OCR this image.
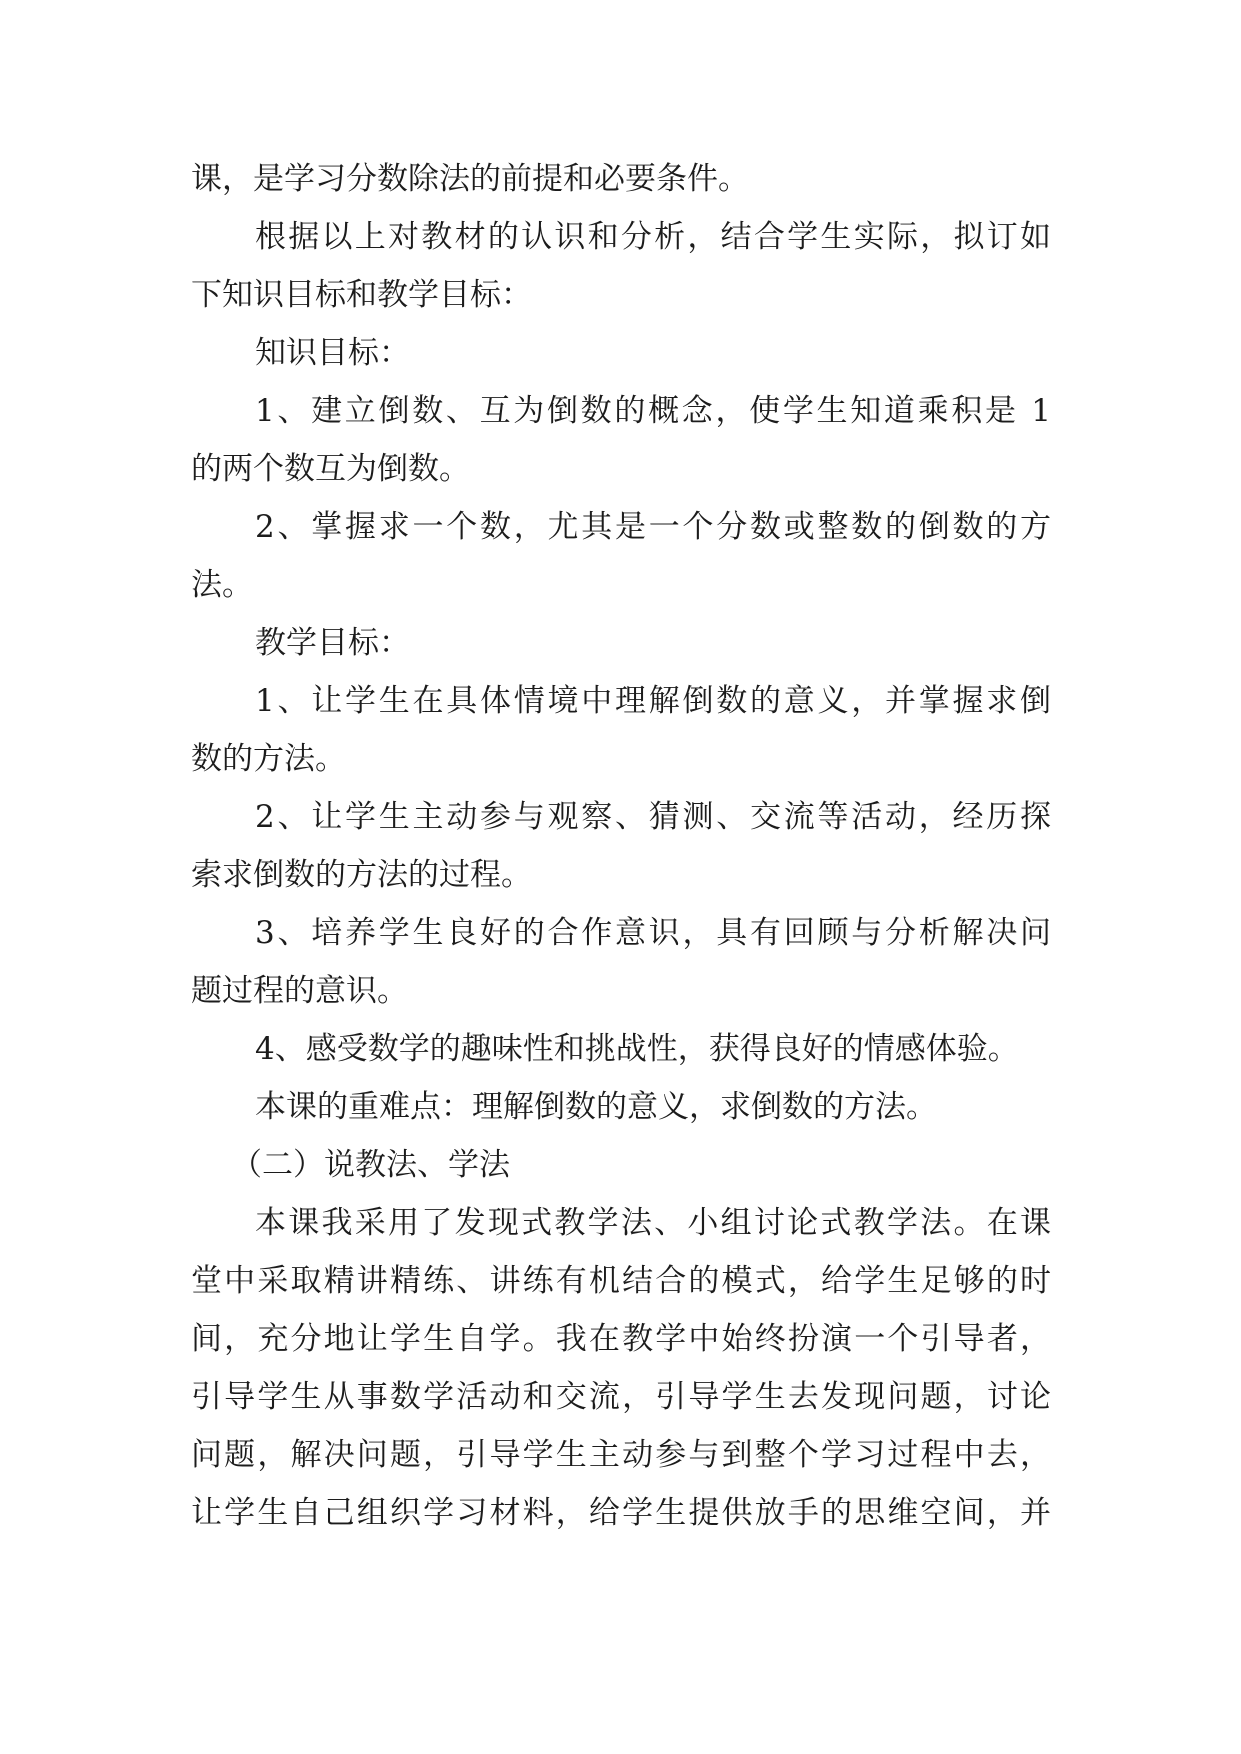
课，是学习分数除法的前提和必要条件。
根据以上对教材的认识和分析，结合学生实际，拟订如
下知识目标和教学目标：
知识目标：
1、建立倒数、互为倒数的概念，使学生知道乘积是 1
的两个数互为倒数。
2、掌握求一个数，尤其是一个分数或整数的倒数的方
法。
教学目标：
1、让学生在具体情境中理解倒数的意义，并掌握求倒
数的方法。
2、让学生主动参与观察、猜测、交流等活动，经历探
索求倒数的方法的过程。
3、培养学生良好的合作意识，具有回顾与分析解决问
题过程的意识。
4、感受数学的趣味性和挑战性，获得良好的情感体验。
本课的重难点：理解倒数的意义，求倒数的方法。
（二）说教法、学法
本课我采用了发现式教学法、小组讨论式教学法。在课
堂中采取精讲精练、讲练有机结合的模式，给学生足够的时
间，充分地让学生自学。我在教学中始终扮演一个引导者，
引导学生从事数学活动和交流，引导学生去发现问题，讨论
问题，解决问题，引导学生主动参与到整个学习过程中去，
让学生自己组织学习材料，给学生提供放手的思维空间，并
